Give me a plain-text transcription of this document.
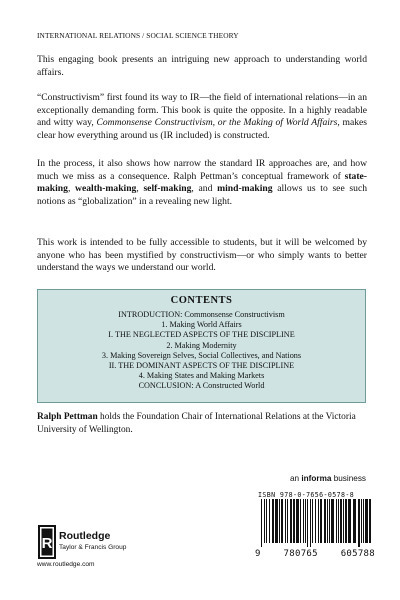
INTERNATIONAL RELATIONS / SOCIAL SCIENCE THEORY

This engaging book presents an intriguing new approach to understanding world affairs.

“Constructivism” first found its way to IR—the field of international relations—in an exceptionally demanding form. This book is quite the opposite. In a highly readable and witty way, Commonsense Constructivism, or the Making of World Affairs, makes clear how everything around us (IR included) is constructed.

In the process, it also shows how narrow the standard IR approaches are, and how much we miss as a consequence. Ralph Pettman’s conceptual framework of state-making, wealth-making, self-making, and mind-making allows us to see such notions as “globalization” in a revealing new light.

This work is intended to be fully accessible to students, but it will be welcomed by anyone who has been mystified by constructivism—or who simply wants to better understand the ways we understand our world.

CONTENTS
INTRODUCTION: Commonsense Constructivism
1. Making World Affairs
I. THE NEGLECTED ASPECTS OF THE DISCIPLINE
2. Making Modernity
3. Making Sovereign Selves, Social Collectives, and Nations
II. THE DOMINANT ASPECTS OF THE DISCIPLINE
4. Making States and Making Markets
CONCLUSION: A Constructed World

Ralph Pettman holds the Foundation Chair of International Relations at the Victoria University of Wellington.

an informa business
ISBN 978-0-7656-0578-8
9	780765	605788
R Routledge
Taylor & Francis Group
www.routledge.com
